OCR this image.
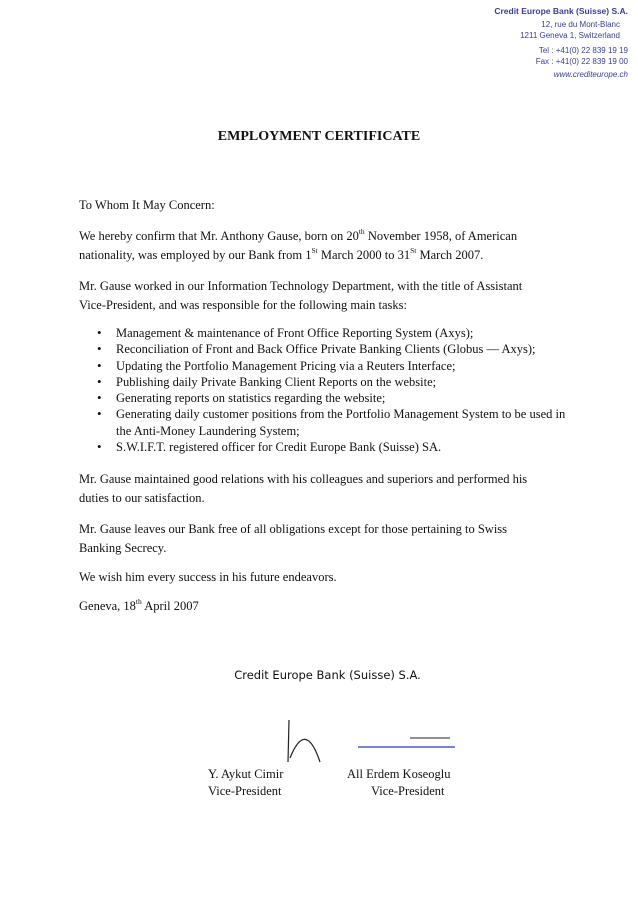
Credit Europe Bank (Suisse) S.A.
12, rue du Mont-Blanc
1211 Geneva 1, Switzerland
Tel : +41(0) 22 839 19 19
Fax : +41(0) 22 839 19 00
www.crediteurope.ch
EMPLOYMENT CERTIFICATE

To Whom It May Concern:

We hereby confirm that Mr. Anthony Gause, born on 20th November 1958, of American
nationality, was employed by our Bank from 1St March 2000 to 31St March 2007.

Mr. Gause worked in our Information Technology Department, with the title of Assistant
Vice-President, and was responsible for the following main tasks:

• Management & maintenance of Front Office Reporting System (Axys);
• Reconciliation of Front and Back Office Private Banking Clients (Globus — Axys);
• Updating the Portfolio Management Pricing via a Reuters Interface;
• Publishing daily Private Banking Client Reports on the website;
• Generating reports on statistics regarding the website;
• Generating daily customer positions from the Portfolio Management System to be used in the Anti-Money Laundering System;
• S.W.I.F.T. registered officer for Credit Europe Bank (Suisse) SA.

Mr. Gause maintained good relations with his colleagues and superiors and performed his
duties to our satisfaction.

Mr. Gause leaves our Bank free of all obligations except for those pertaining to Swiss
Banking Secrecy.

We wish him every success in his future endeavors.

Geneva, 18th April 2007

Credit Europe Bank (Suisse) S.A.
Y. Aykut Cimir
Vice-President
All Erdem Koseoglu
Vice-President
